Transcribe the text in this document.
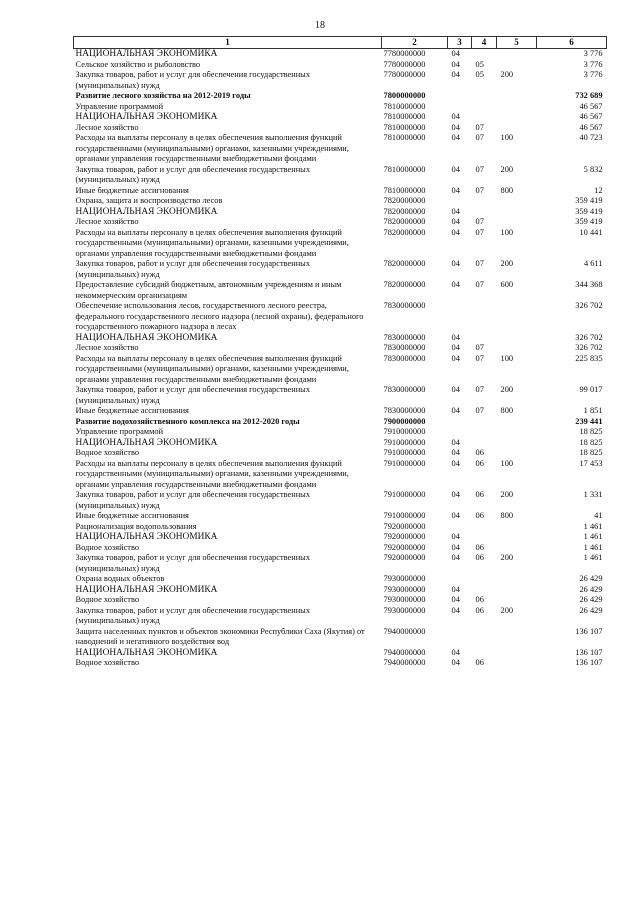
18
1	2	3	4	5	6
НАЦИОНАЛЬНАЯ ЭКОНОМИКА	7780000000	04			3 776
Сельское хозяйство и рыболовство	7780000000	04	05		3 776
Закупка товаров, работ и услуг для обеспечения государственных (муниципальных) нужд	7780000000	04	05	200	3 776
Развитие лесного хозяйства на 2012-2019 годы	7800000000				732 689
Управление программой	7810000000				46 567
НАЦИОНАЛЬНАЯ ЭКОНОМИКА	7810000000	04			46 567
Лесное хозяйство	7810000000	04	07		46 567
Расходы на выплаты персоналу в целях обеспечения выполнения функций государственными (муниципальными) органами, казенными учреждениями, органами управления государственными внебюджетными фондами	7810000000	04	07	100	40 723
Закупка товаров, работ и услуг для обеспечения государственных (муниципальных) нужд	7810000000	04	07	200	5 832
Иные бюджетные ассигнования	7810000000	04	07	800	12
Охрана, защита и воспроизводство лесов	7820000000				359 419
НАЦИОНАЛЬНАЯ ЭКОНОМИКА	7820000000	04			359 419
Лесное хозяйство	7820000000	04	07		359 419
Расходы на выплаты персоналу в целях обеспечения выполнения функций государственными (муниципальными) органами, казенными учреждениями, органами управления государственными внебюджетными фондами	7820000000	04	07	100	10 441
Закупка товаров, работ и услуг для обеспечения государственных (муниципальных) нужд	7820000000	04	07	200	4 611
Предоставление субсидий бюджетным, автономным учреждениям и иным некоммерческим организациям	7820000000	04	07	600	344 368
Обеспечение использования лесов, государственного лесного реестра, федерального государственного лесного надзора (лесной охраны), федерального государственного пожарного надзора в лесах	7830000000				326 702
НАЦИОНАЛЬНАЯ ЭКОНОМИКА	7830000000	04			326 702
Лесное хозяйство	7830000000	04	07		326 702
Расходы на выплаты персоналу в целях обеспечения выполнения функций государственными (муниципальными) органами, казенными учреждениями, органами управления государственными внебюджетными фондами	7830000000	04	07	100	225 835
Закупка товаров, работ и услуг для обеспечения государственных (муниципальных) нужд	7830000000	04	07	200	99 017
Иные бюджетные ассигнования	7830000000	04	07	800	1 851
Развитие водохозяйственного комплекса на 2012-2020 годы	7900000000				239 441
Управление программой	7910000000				18 825
НАЦИОНАЛЬНАЯ ЭКОНОМИКА	7910000000	04			18 825
Водное хозяйство	7910000000	04	06		18 825
Расходы на выплаты персоналу в целях обеспечения выполнения функций государственными (муниципальными) органами, казенными учреждениями, органами управления государственными внебюджетными фондами	7910000000	04	06	100	17 453
Закупка товаров, работ и услуг для обеспечения государственных (муниципальных) нужд	7910000000	04	06	200	1 331
Иные бюджетные ассигнования	7910000000	04	06	800	41
Рационализация водопользования	7920000000				1 461
НАЦИОНАЛЬНАЯ ЭКОНОМИКА	7920000000	04			1 461
Водное хозяйство	7920000000	04	06		1 461
Закупка товаров, работ и услуг для обеспечения государственных (муниципальных) нужд	7920000000	04	06	200	1 461
Охрана водных объектов	7930000000				26 429
НАЦИОНАЛЬНАЯ ЭКОНОМИКА	7930000000	04			26 429
Водное хозяйство	7930000000	04	06		26 429
Закупка товаров, работ и услуг для обеспечения государственных (муниципальных) нужд	7930000000	04	06	200	26 429
Защита населенных пунктов и объектов экономики Республики Саха (Якутия) от наводнений и негативного воздействия вод	7940000000				136 107
НАЦИОНАЛЬНАЯ ЭКОНОМИКА	7940000000	04			136 107
Водное хозяйство	7940000000	04	06		136 107
